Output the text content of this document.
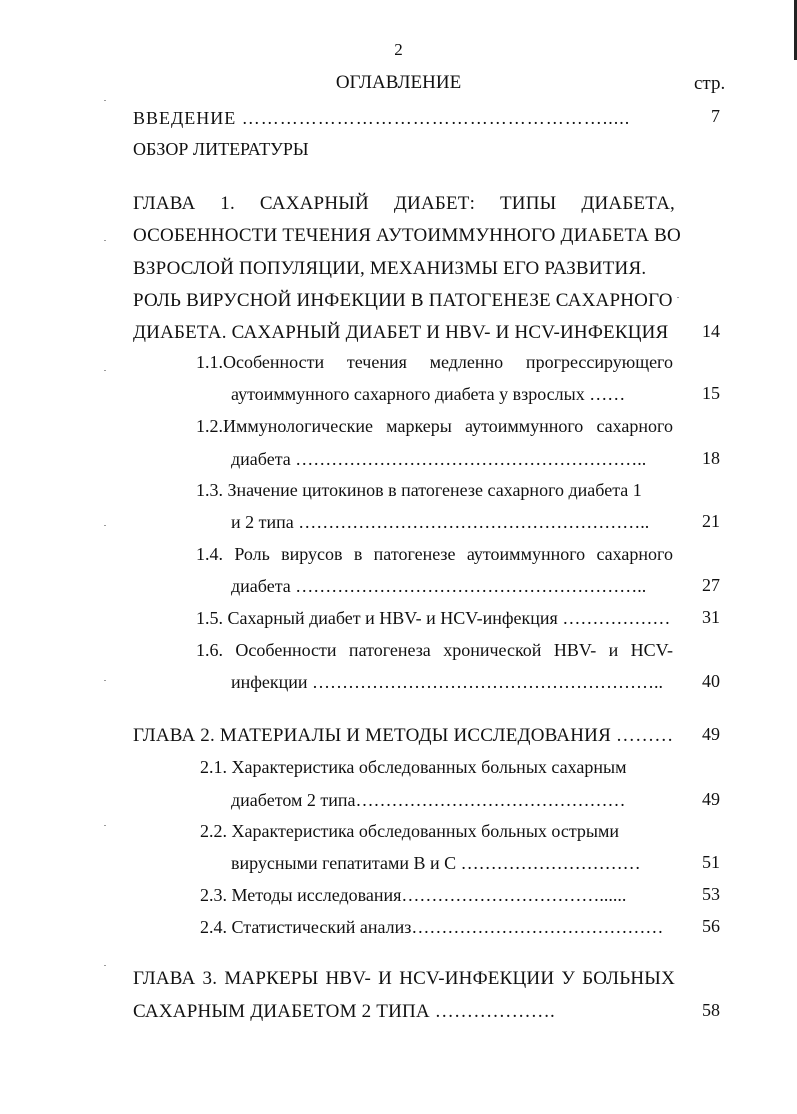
2
ОГЛАВЛЕНИЕ	стр.
ВВЕДЕНИЕ ………………………………………………….....	7
ОБЗОР ЛИТЕРАТУРЫ
ГЛАВА 1. САХАРНЫЙ ДИАБЕТ: ТИПЫ ДИАБЕТА,
ОСОБЕННОСТИ ТЕЧЕНИЯ АУТОИММУННОГО ДИАБЕТА ВО
ВЗРОСЛОЙ ПОПУЛЯЦИИ, МЕХАНИЗМЫ ЕГО РАЗВИТИЯ.
РОЛЬ ВИРУСНОЙ ИНФЕКЦИИ В ПАТОГЕНЕЗЕ САХАРНОГО
ДИАБЕТА. САХАРНЫЙ ДИАБЕТ И HBV- И HCV-ИНФЕКЦИЯ	14
1.1.Особенности течения медленно прогрессирующего
аутоиммунного сахарного диабета у взрослых ……	15
1.2.Иммунологические маркеры аутоиммунного сахарного
диабета …………………………………………………..	18
1.3. Значение цитокинов в патогенезе сахарного диабета 1
и 2 типа …………………………………………………..	21
1.4. Роль вирусов в патогенезе аутоиммунного сахарного
диабета …………………………………………………..	27
1.5. Сахарный диабет и HBV- и HCV-инфекция ………………	31
1.6. Особенности патогенеза хронической HBV- и HCV-
инфекции …………………………………………………..	40
ГЛАВА 2. МАТЕРИАЛЫ И МЕТОДЫ ИССЛЕДОВАНИЯ ………	49
2.1. Характеристика обследованных больных сахарным
диабетом 2 типа………………………………………	49
2.2. Характеристика обследованных больных острыми
вирусными гепатитами В и С …………………………	51
2.3. Методы исследования……………………………......	53
2.4. Статистический анализ……………………………………	56
ГЛАВА 3. МАРКЕРЫ HBV- И HCV-ИНФЕКЦИИ У БОЛЬНЫХ
САХАРНЫМ ДИАБЕТОМ 2 ТИПА ……………….	58
